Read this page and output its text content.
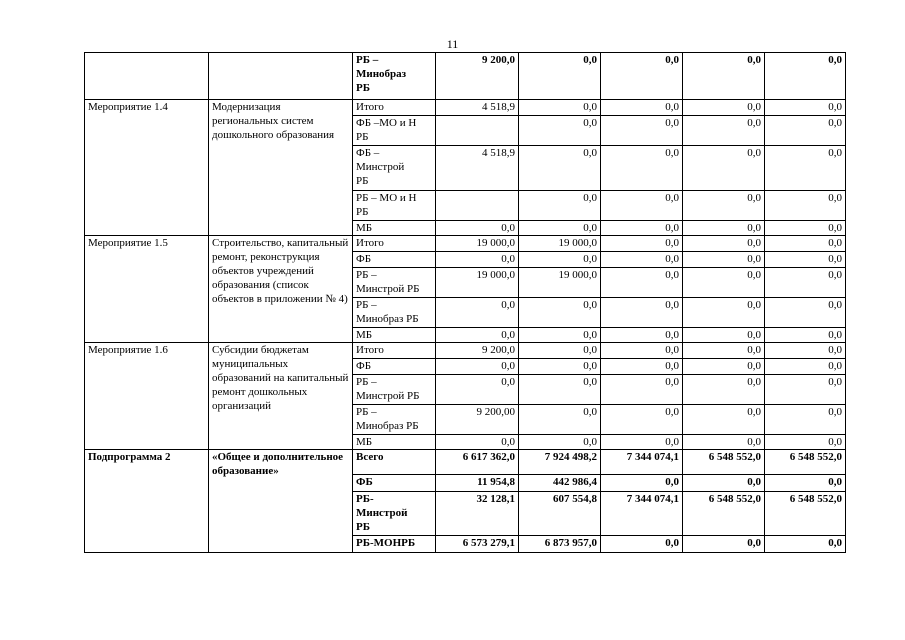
11
		РБ –
Минобраз
РБ	9 200,0	0,0	0,0	0,0	0,0
Мероприятие 1.4	Модернизация региональных систем дошкольного образования	Итого	4 518,9	0,0	0,0	0,0	0,0
		ФБ –МО и Н
РБ		0,0	0,0	0,0	0,0
		ФБ –
Минстрой
РБ	4 518,9	0,0	0,0	0,0	0,0
		РБ – МО и Н
РБ		0,0	0,0	0,0	0,0
		МБ	0,0	0,0	0,0	0,0	0,0
Мероприятие 1.5	Строительство, капитальный ремонт, реконструкция объектов учреждений образования (список объектов в приложении № 4)	Итого	19 000,0	19 000,0	0,0	0,0	0,0
		ФБ	0,0	0,0	0,0	0,0	0,0
		РБ –
Минстрой РБ	19 000,0	19 000,0	0,0	0,0	0,0
		РБ –
Минобраз РБ	0,0	0,0	0,0	0,0	0,0
		МБ	0,0	0,0	0,0	0,0	0,0
Мероприятие 1.6	Субсидии бюджетам муниципальных образований на капитальный ремонт дошкольных организаций	Итого	9 200,0	0,0	0,0	0,0	0,0
		ФБ	0,0	0,0	0,0	0,0	0,0
		РБ –
Минстрой РБ	0,0	0,0	0,0	0,0	0,0
		РБ –
Минобраз РБ	9 200,00	0,0	0,0	0,0	0,0
		МБ	0,0	0,0	0,0	0,0	0,0
Подпрограмма 2	«Общее и дополнительное образование»	Всего	6 617 362,0	7 924 498,2	7 344 074,1	6 548 552,0	6 548 552,0
		ФБ	11 954,8	442 986,4	0,0	0,0	0,0
		РБ-
Минстрой
РБ	32 128,1	607 554,8	7 344 074,1	6 548 552,0	6 548 552,0
		РБ-МОНРБ	6 573 279,1	6 873 957,0	0,0	0,0	0,0
